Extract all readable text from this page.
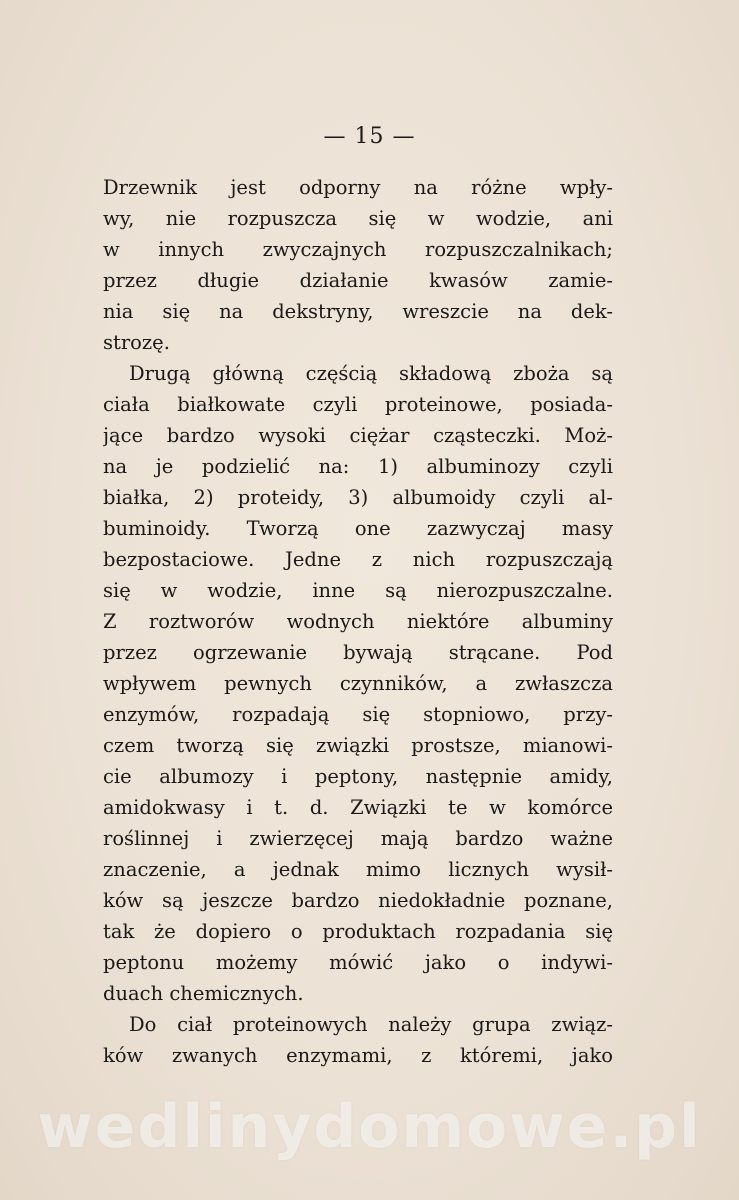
— 15 —
Drzewnik jest odporny na różne wpły-
wy, nie rozpuszcza się w wodzie, ani
w innych zwyczajnych rozpuszczalnikach;
przez długie działanie kwasów zamie-
nia się na dekstryny, wreszcie na dek-
strozę.
Drugą główną częścią składową zboża są
ciała białkowate czyli proteinowe, posiada-
jące bardzo wysoki ciężar cząsteczki. Moż-
na je podzielić na: 1) albuminozy czyli
białka, 2) proteidy, 3) albumoidy czyli al-
buminoidy. Tworzą one zazwyczaj masy
bezpostaciowe. Jedne z nich rozpuszczają
się w wodzie, inne są nierozpuszczalne.
Z roztworów wodnych niektóre albuminy
przez ogrzewanie bywają strącane. Pod
wpływem pewnych czynników, a zwłaszcza
enzymów, rozpadają się stopniowo, przy-
czem tworzą się związki prostsze, mianowi-
cie albumozy i peptony, następnie amidy,
amidokwasy i t. d. Związki te w komórce
roślinnej i zwierzęcej mają bardzo ważne
znaczenie, a jednak mimo licznych wysił-
ków są jeszcze bardzo niedokładnie poznane,
tak że dopiero o produktach rozpadania się
peptonu możemy mówić jako o indywi-
duach chemicznych.
Do ciał proteinowych należy grupa związ-
ków zwanych enzymami, z któremi, jako
wedlinydomowe.pl
